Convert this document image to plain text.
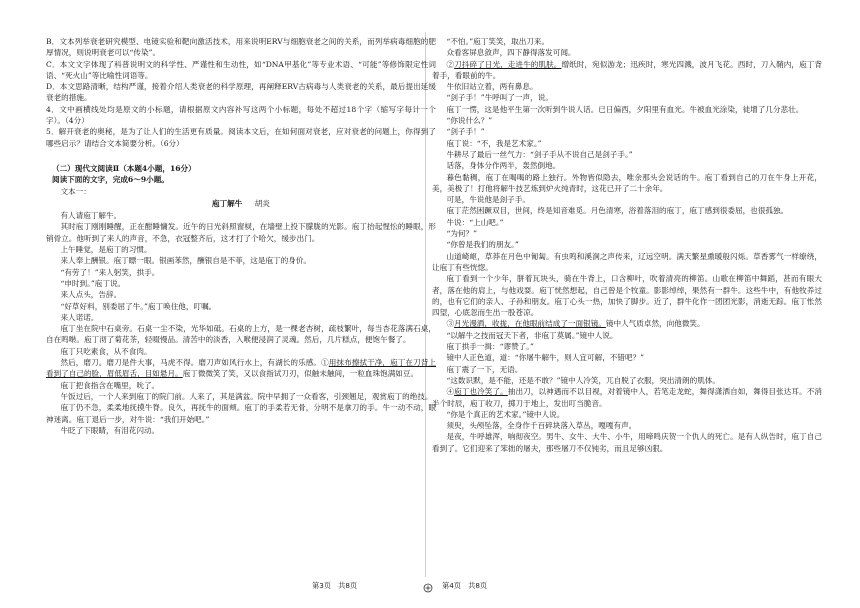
B．文本列举衰老研究模型、电镜实验和靶向激活技术，用来说明ERV与细胞衰老之间的关系，而列举病毒细胞的肥厚情况，则说明衰老可以“传染”。

C．本文文字体现了科普说明文的科学性、严谨性和生动性，如“DNA甲基化”等专业术语、“可能”等修饰限定性词语、“死火山”等比喻性词语等。

D．本文思路清晰，结构严谨，接着介绍人类衰老的科学原理，再阐释ERV古病毒与人类衰老的关系，最后提出延缓衰老的措施。

4．文中画横线处均是原文的小标题，请根据原文内容补写这两个小标题，每处不超过18个字（缩写字每计一个字）。（4分）

5．解开衰老的奥秘，是为了让人们的生活更有质量。阅读本文后，在如何面对衰老，应对衰老的问题上，你得到了哪些启示？请结合文本简要分析。（6分）

（二）现代文阅读Ⅱ（本题4小题，16分）

阅读下面的文字，完成6～9小题。

文本一：

庖丁解牛 胡炎

有人请庖丁解牛。

其时庖丁刚刚睡醒，正在酣睡慵发。近午的日光斜照窗棂，在墙壁上投下朦胧的光影。庖丁抬起惺忪的睡眼，形销骨立。他听到了来人的声音，不急，衣冠整齐后，这才打了个哈欠，缓步出门。

上午睡觉，是庖丁的习惯。

来人奉上酬银。庖丁瞟一眼。银画苯然，酬银自是不菲，这是庖丁的身价。

“有劳了！”来人躬笑，拱手。

“申时到。”庖丁说。

来人点头，告辞。

“好草好料，别委屈了牛。”庖丁唤住他，叮嘱。

来人诺诺。

庖丁坐在院中石桌旁。石桌一尘不染，光华如砥。石桌的上方，是一棵老杏树，疏枝繁叶，每当杏花落满石桌，自在鸣啭。庖丁沏了菊花茶，轻啜慢品。清苦中的淡香，入喉便浸润了灵魂。然后，几片糕点，便饱午餐了。

庖丁只吃素食，从不食肉。

然后，磨刀。磨刀是件大事，马虎不得。磨刀声如风行水上，有湖长的乐感。①用抹布擦拭干净，庖丁在刀背上看到了自己的脸，眉低眉舌，目如悬月。庖丁微微笑了笑，又以食指试刀刃，似触未触间，一粒血珠饱满如豆。

庖丁把食指含在嘴里，吮了。

午饭过后，一个人来到庖丁的院门前。人来了，其是满盆。院中早拥了一众看客，引颈翘足，观赏庖丁的绝技。

庖丁仍不急，柔柔地抚摸牛脊。良久，再抚牛的面颊。庖丁的手柔若无骨，分明不是拿刀的手。牛一动不动，眼神迷离。庖丁退后一步，对牛说：“我们开始吧。”

牛眨了下眼睛，有泪花闪动。

“不怕。”庖丁笑笑，取出刀来。

众看客屏息敛声，四下静得落发可闻。

②刀抖碎了日光，走进牛的肌肤。缯纸时，宛似游龙；迅疾时，寒光四溅，波月飞花。西时，刀入鞘内，庖丁背着手，看眼前的牛。

牛依旧站立着，两有鼻息。

“剑子手！”牛呼叫了一声，说。

庖丁一愣，这是他平生第一次听到牛说人话。已日偏西，夕阳里有血光。牛被血光涂染，徒增了几分悲壮。

“你说什么？”

“剑子手！”

庖丁说：“不，我是艺术家。”

牛耕尽了最后一丝气力：“剑子手从不说自己是剑子手。”

话落，身体分作两半，轰然倒地。

暮色黏稠，庖丁在喝喝的路上独行。外物皆似隐去，唯余那头会说话的牛。庖丁看到自己的刀在牛身上开花，美，美极了！打他将解牛技艺炼到炉火纯青时，这花已开了二十余年。

可是，牛说他是刽子手。

庖丁茫然困蹶双目，世间，终是知音难觅。月色清寒，浴着落泪的庖丁，庖丁感到很委屈，也很孤独。

牛说：“上山吧。”

“为何？”

“你曾是我们的朋友。”

山道崎岖，草莽在月色中匍匐。有虫鸣和溪涧之声传来，辽远空明。满天繁星熏暖般闪烁。草香雾气一样缭绕，让庖丁有些恍惚。

庖丁看到一个少年，胼着瓦块头，骑在牛背上，口含柳叶，吹着清亮的柳笛。山歌在柳笛中舞蹈，甚而有眼大者，落在他的肩上，与他戏耍。庖丁恍然想起，自己曾是个牧童。影影绰绰，果然有一群牛。这些牛中，有他牧养过的，也有它们的亲人、子孙和朋友。庖丁心头一热，加快了脚步。近了，群牛化作一团团光影，消逝无踪。庖丁怅然四望，心底忽而生出一股苍凉。

③月光漫洒，收拢，在他眼前结成了一面银镜。镜中人气质卓然，向他微笑。

“以解牛之技而冠天下者，非庖丁莫属。”镜中人说。

庖丁拱手一揖：“谬赞了。”

镜中人正色道，道：“你屠牛解牛，则人宜可解，不错吧？”

庖丁震了一下，无语。

“这数识默，是不能，还是不敢？”镜中人冷笑，兀自脱了衣服，突出清朗的肌体。

④庖丁也冷笑了。抽出刀，以神遇而不以目视，对着镜中人，若笔走龙蛇，舞得潇洒自如，舞得目张达耳。不消半个时辰，庖丁收刀，掷刀于地上，发出叮当脆音。

“你是个真正的艺术家。”镜中人说。

须臾，头颅坠落，全身作千百碎块落入草丛，嘎嘎有声。

是夜，牛呼雄浑，响彻夜空。男牛、女牛、大牛、小牛，用啼鸣庆贺一个仇人的死亡。是有人纵告时，庖丁自己看到了。它们迎来了笨拙的屠夫，那些屠刀不仅钝劣，而且足够凶狠。

第3页　共8页	第4页　共8页
